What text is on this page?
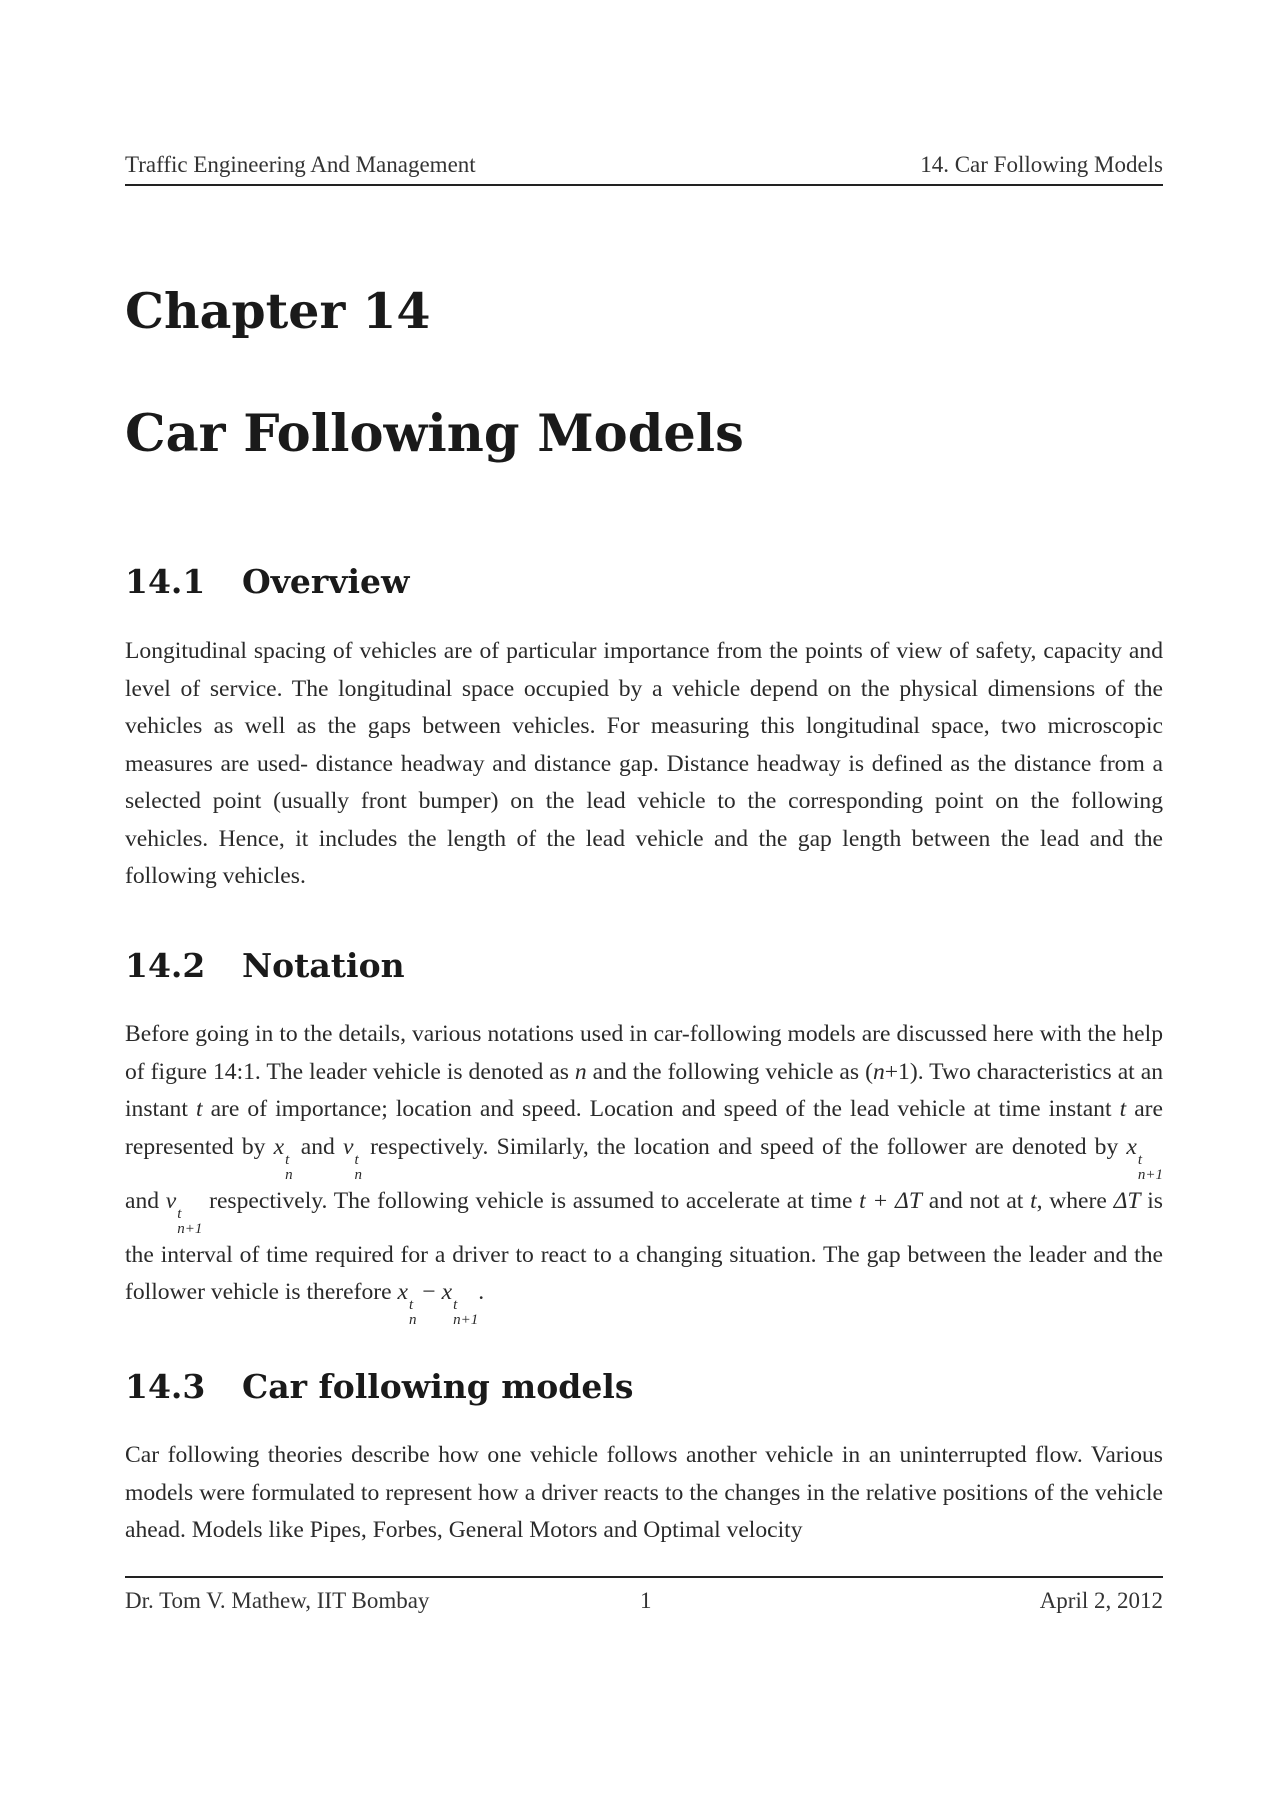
Traffic Engineering And Management	14. Car Following Models
Chapter 14
Car Following Models
14.1 Overview
Longitudinal spacing of vehicles are of particular importance from the points of view of safety, capacity and level of service. The longitudinal space occupied by a vehicle depend on the physical dimensions of the vehicles as well as the gaps between vehicles. For measuring this longitudinal space, two microscopic measures are used- distance headway and distance gap. Distance headway is defined as the distance from a selected point (usually front bumper) on the lead vehicle to the corresponding point on the following vehicles. Hence, it includes the length of the lead vehicle and the gap length between the lead and the following vehicles.
14.2 Notation
Before going in to the details, various notations used in car-following models are discussed here with the help of figure 14:1. The leader vehicle is denoted as n and the following vehicle as (n+1). Two characteristics at an instant t are of importance; location and speed. Location and speed of the lead vehicle at time instant t are represented by x t
n
and v t
n
respectively. Similarly, the location and speed of the follower are denoted by x t
n+1
and v t
n+1
respectively. The following vehicle is assumed to accelerate at time t + ΔT and not at t, where ΔT is the interval of time required for a driver to react to a changing situation. The gap between the leader and the follower vehicle is therefore x t
n
− x t
n+1
.
14.3 Car following models
Car following theories describe how one vehicle follows another vehicle in an uninterrupted flow. Various models were formulated to represent how a driver reacts to the changes in the relative positions of the vehicle ahead. Models like Pipes, Forbes, General Motors and Optimal velocity
Dr. Tom V. Mathew, IIT Bombay	1	April 2, 2012
